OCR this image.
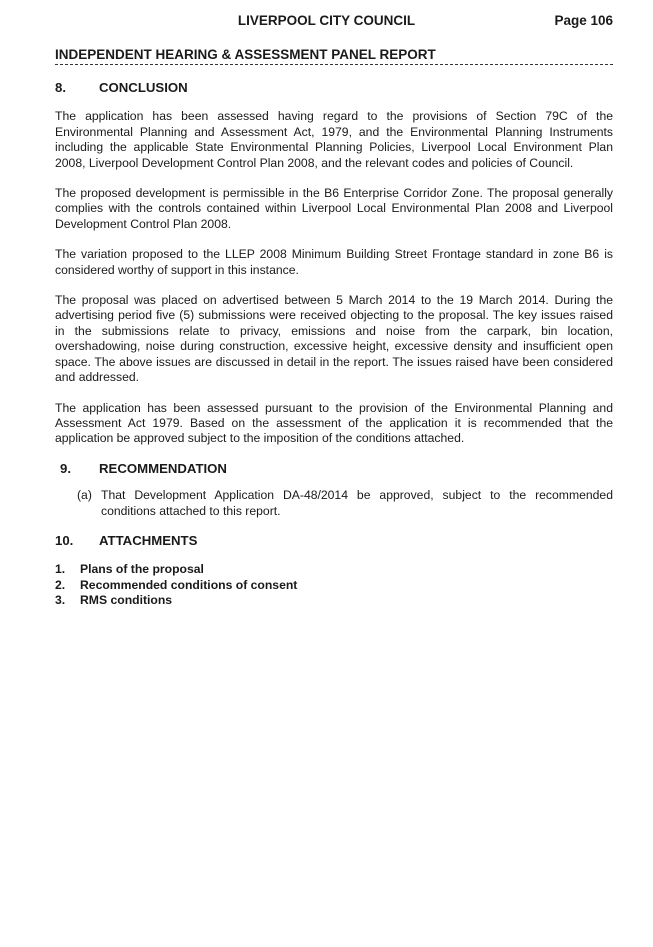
LIVERPOOL CITY COUNCIL	Page 106
INDEPENDENT HEARING & ASSESSMENT PANEL REPORT
8.	CONCLUSION

The application has been assessed having regard to the provisions of Section 79C of the Environmental Planning and Assessment Act, 1979, and the Environmental Planning Instruments including the applicable State Environmental Planning Policies, Liverpool Local Environment Plan 2008, Liverpool Development Control Plan 2008, and the relevant codes and policies of Council.

The proposed development is permissible in the B6 Enterprise Corridor Zone. The proposal generally complies with the controls contained within Liverpool Local Environmental Plan 2008 and Liverpool Development Control Plan 2008.

The variation proposed to the LLEP 2008 Minimum Building Street Frontage standard in zone B6 is considered worthy of support in this instance.

The proposal was placed on advertised between 5 March 2014 to the 19 March 2014. During the advertising period five (5) submissions were received objecting to the proposal. The key issues raised in the submissions relate to privacy, emissions and noise from the carpark, bin location, overshadowing, noise during construction, excessive height, excessive density and insufficient open space. The above issues are discussed in detail in the report. The issues raised have been considered and addressed.

The application has been assessed pursuant to the provision of the Environmental Planning and Assessment Act 1979. Based on the assessment of the application it is recommended that the application be approved subject to the imposition of the conditions attached.

9.	RECOMMENDATION
(a) That Development Application DA-48/2014 be approved, subject to the recommended conditions attached to this report.

10.	ATTACHMENTS
1.	Plans of the proposal
2.	Recommended conditions of consent
3.	RMS conditions
